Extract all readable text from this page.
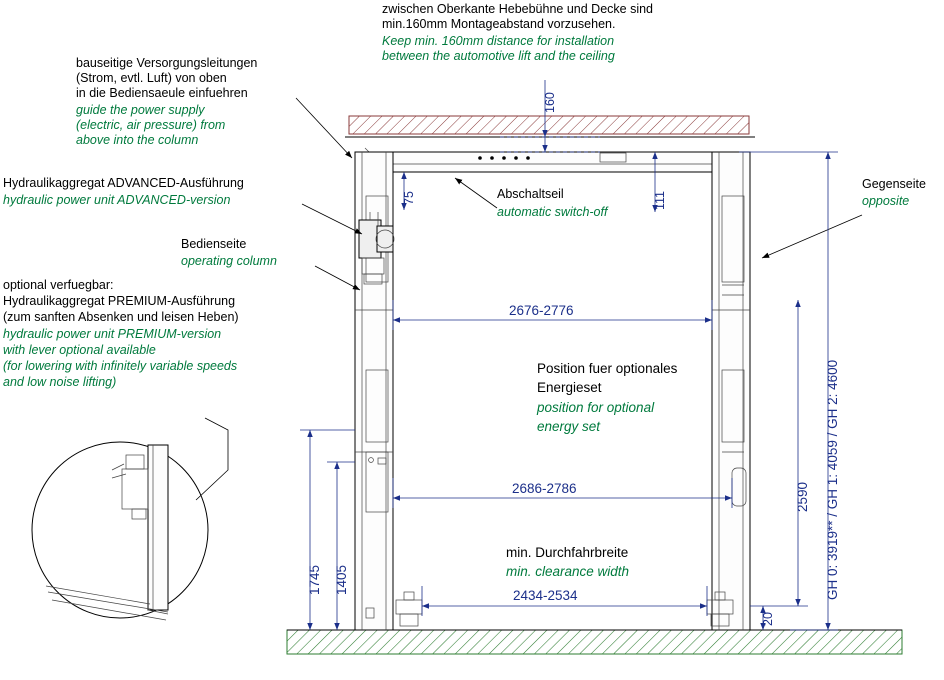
zwischen Oberkante Hebebühne und Decke sind
min.160mm Montageabstand vorzusehen.
Keep min. 160mm distance for installation
between the automotive lift and the ceiling
bauseitige Versorgungsleitungen
(Strom, evtl. Luft) von oben
in die Bediensaeule einfuehren
guide the power supply
(electric, air pressure) from
above into the column
Hydraulikaggregat ADVANCED-Ausführung
hydraulic power unit ADVANCED-version
Bedienseite
operating column
optional verfuegbar:
Hydraulikaggregat PREMIUM-Ausführung
(zum sanften Absenken und leisen Heben)
hydraulic power unit PREMIUM-version
with lever optional available
(for lowering with infinitely variable speeds
and low noise lifting)
Abschaltseil
automatic switch-off
Gegenseite
opposite
Position fuer optionales
Energieset
position for optional
energy set
min. Durchfahrbreite
min. clearance width
160
75	111
2676-2776
2686-2786
2434-2534
1745 1405
2590
20
GH 0: 3919** / GH 1: 4059 / GH 2: 4600
